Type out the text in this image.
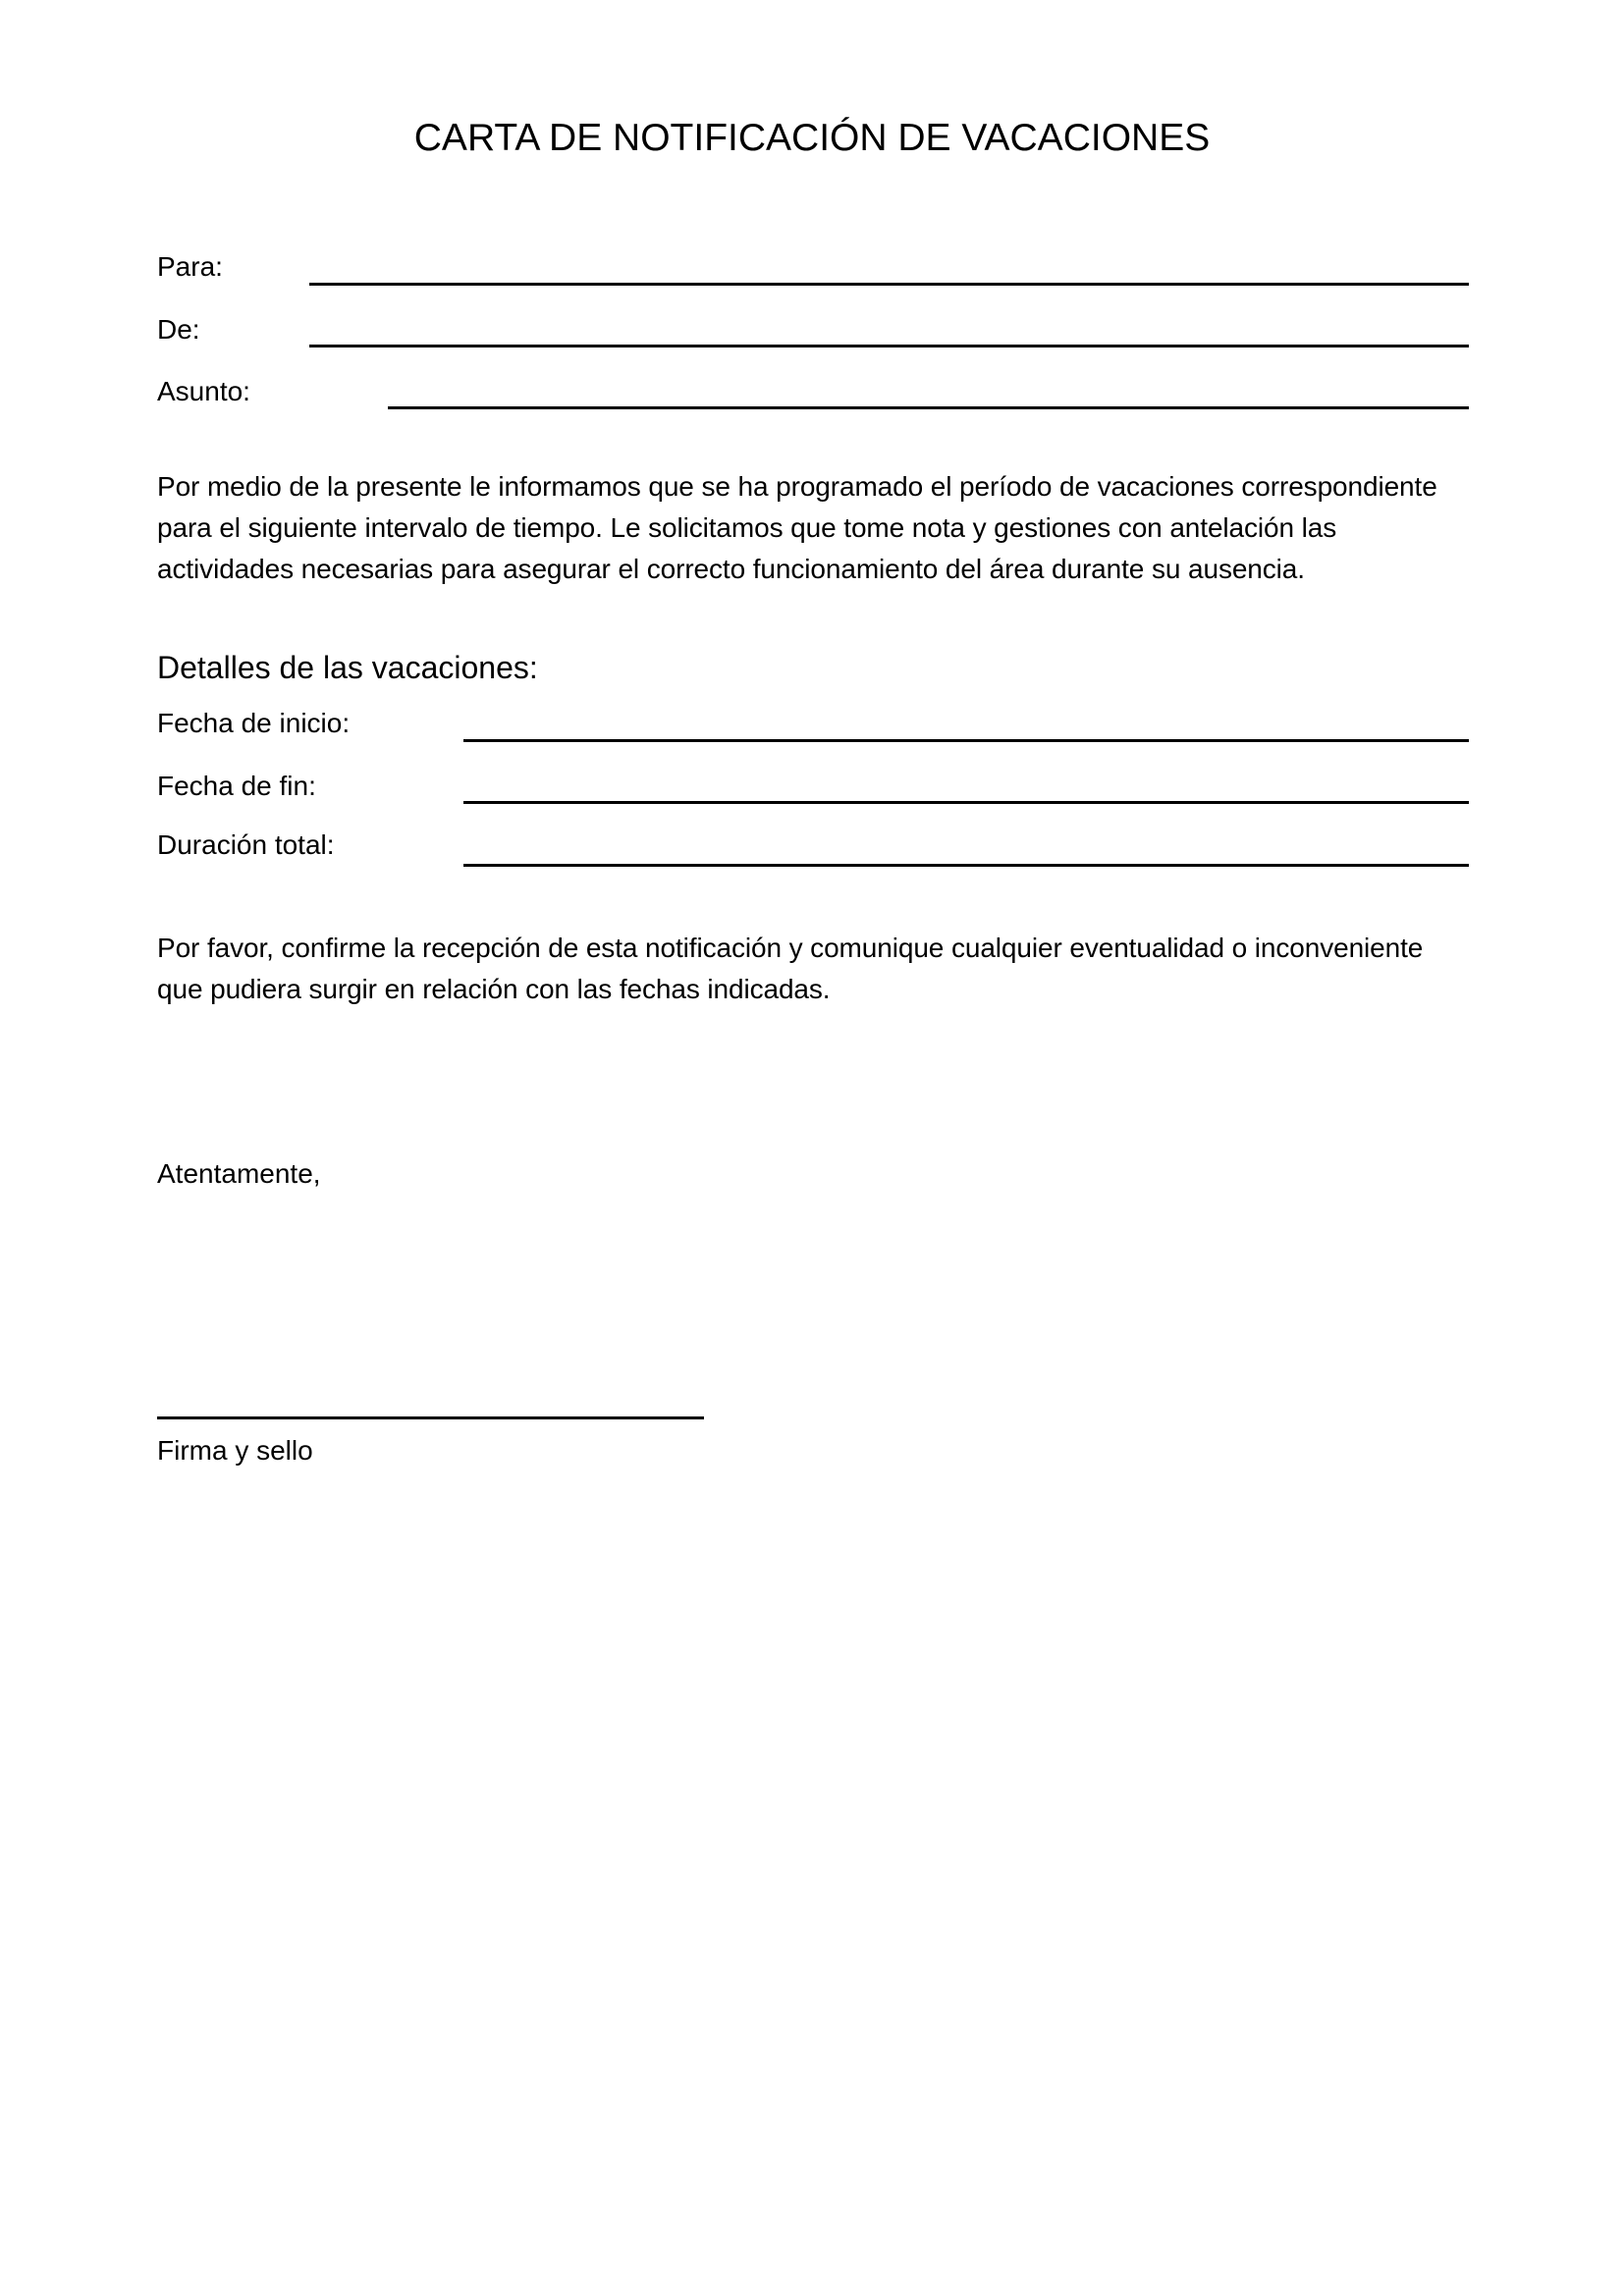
CARTA DE NOTIFICACIÓN DE VACACIONES
Para:
De:
Asunto:
Por medio de la presente le informamos que se ha programado el período de vacaciones correspondiente
para el siguiente intervalo de tiempo. Le solicitamos que tome nota y gestiones con antelación las
actividades necesarias para asegurar el correcto funcionamiento del área durante su ausencia.
Detalles de las vacaciones:
Fecha de inicio:
Fecha de fin:
Duración total:
Por favor, confirme la recepción de esta notificación y comunique cualquier eventualidad o inconveniente
que pudiera surgir en relación con las fechas indicadas.
Atentamente,
Firma y sello
